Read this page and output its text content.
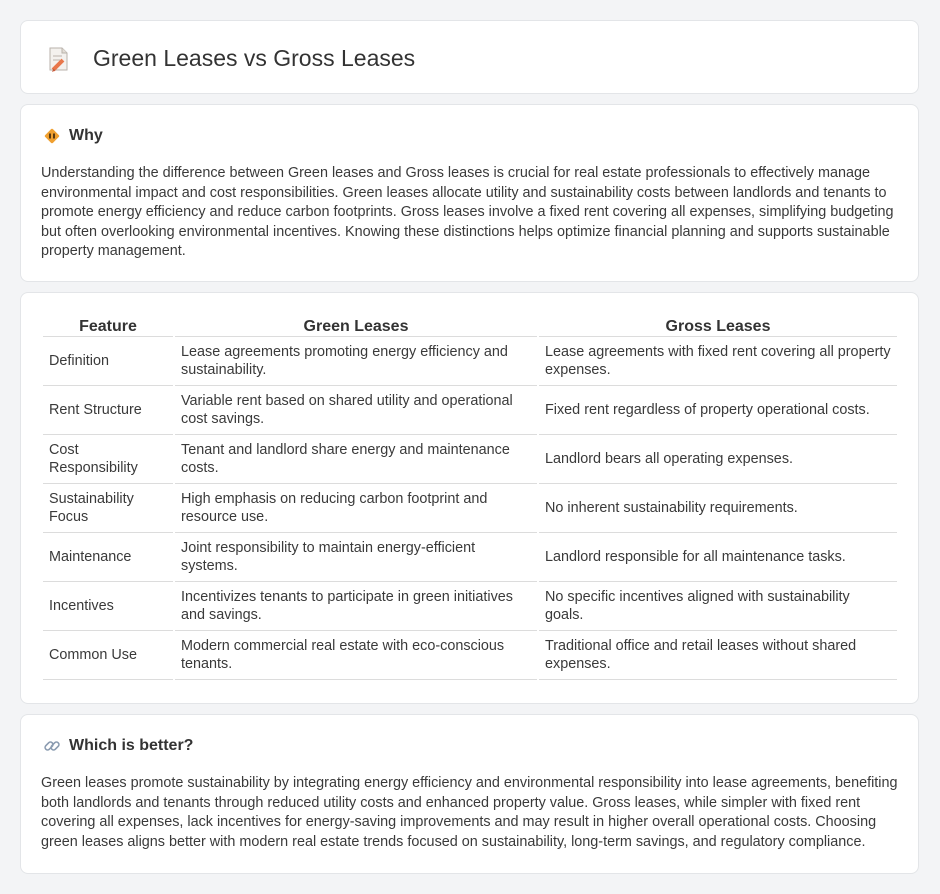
Green Leases vs Gross Leases
Why

Understanding the difference between Green leases and Gross leases is crucial for real estate professionals to effectively manage environmental impact and cost responsibilities. Green leases allocate utility and sustainability costs between landlords and tenants to promote energy efficiency and reduce carbon footprints. Gross leases involve a fixed rent covering all expenses, simplifying budgeting but often overlooking environmental incentives. Knowing these distinctions helps optimize financial planning and supports sustainable property management.

Feature	Green Leases	Gross Leases
Definition	Lease agreements promoting energy efficiency and sustainability.	Lease agreements with fixed rent covering all property expenses.
Rent Structure	Variable rent based on shared utility and operational cost savings.	Fixed rent regardless of property operational costs.
Cost Responsibility	Tenant and landlord share energy and maintenance costs.	Landlord bears all operating expenses.
Sustainability Focus	High emphasis on reducing carbon footprint and resource use.	No inherent sustainability requirements.
Maintenance	Joint responsibility to maintain energy-efficient systems.	Landlord responsible for all maintenance tasks.
Incentives	Incentivizes tenants to participate in green initiatives and savings.	No specific incentives aligned with sustainability goals.
Common Use	Modern commercial real estate with eco-conscious tenants.	Traditional office and retail leases without shared expenses.
Which is better?

Green leases promote sustainability by integrating energy efficiency and environmental responsibility into lease agreements, benefiting both landlords and tenants through reduced utility costs and enhanced property value. Gross leases, while simpler with fixed rent covering all expenses, lack incentives for energy-saving improvements and may result in higher overall operational costs. Choosing green leases aligns better with modern real estate trends focused on sustainability, long-term savings, and regulatory compliance.
